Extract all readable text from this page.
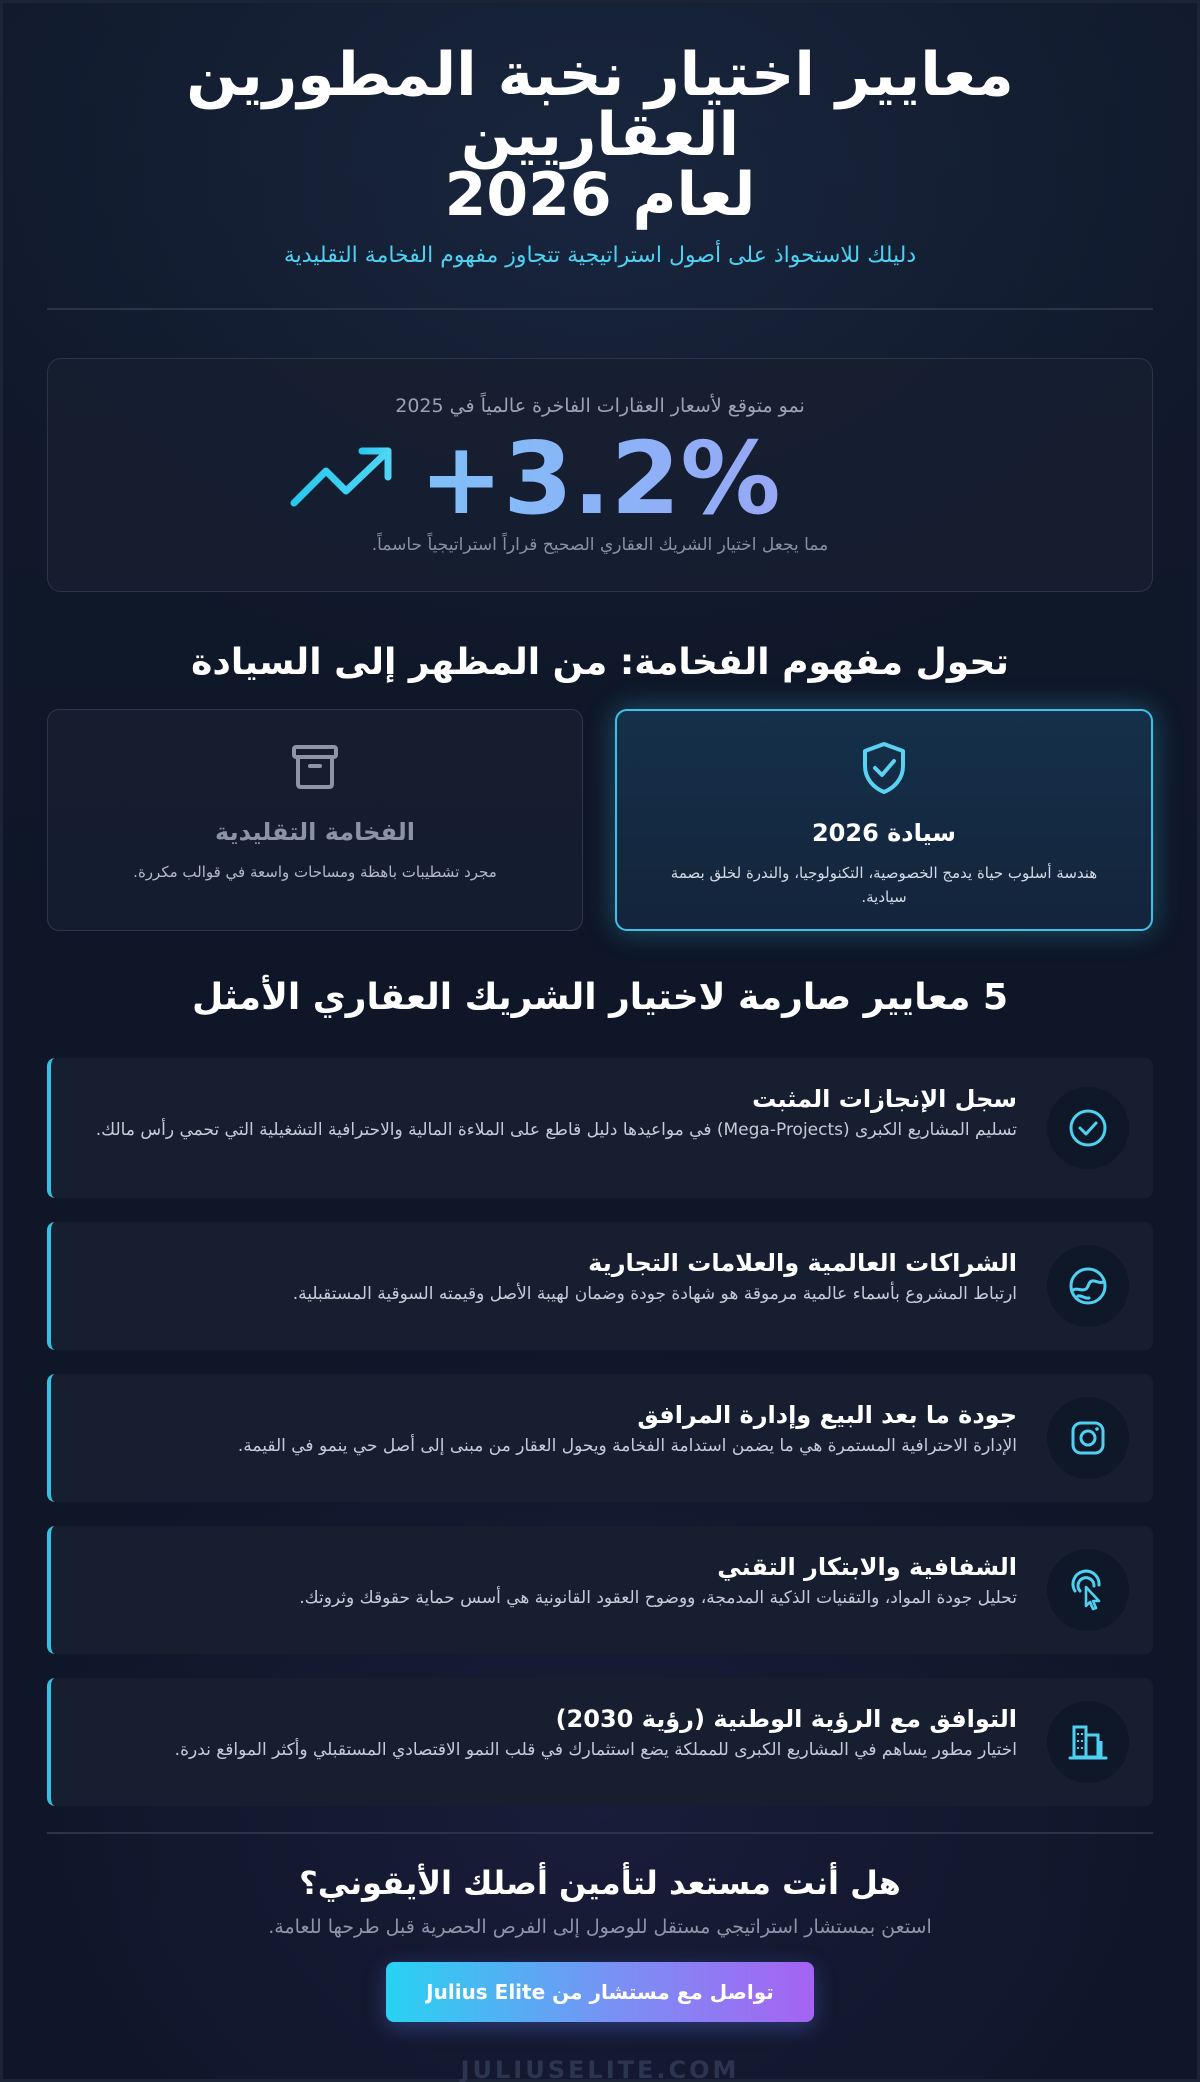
معايير اختيار نخبة المطورين العقاريين
لعام 2026
دليلك للاستحواذ على أصول استراتيجية تتجاوز مفهوم الفخامة التقليدية
نمو متوقع لأسعار العقارات الفاخرة عالمياً في 2025
+3.2%
مما يجعل اختيار الشريك العقاري الصحيح قراراً استراتيجياً حاسماً.
تحول مفهوم الفخامة: من المظهر إلى السيادة
سيادة 2026
هندسة أسلوب حياة يدمج الخصوصية، التكنولوجيا، والندرة لخلق بصمة سيادية.
الفخامة التقليدية
مجرد تشطيبات باهظة ومساحات واسعة في قوالب مكررة.
5 معايير صارمة لاختيار الشريك العقاري الأمثل
سجل الإنجازات المثبت
تسليم المشاريع الكبرى (Mega-Projects) في مواعيدها دليل قاطع على الملاءة المالية والاحترافية التشغيلية التي تحمي رأس مالك.
الشراكات العالمية والعلامات التجارية
ارتباط المشروع بأسماء عالمية مرموقة هو شهادة جودة وضمان لهيبة الأصل وقيمته السوقية المستقبلية.
جودة ما بعد البيع وإدارة المرافق
الإدارة الاحترافية المستمرة هي ما يضمن استدامة الفخامة ويحول العقار من مبنى إلى أصل حي ينمو في القيمة.
الشفافية والابتكار التقني
تحليل جودة المواد، والتقنيات الذكية المدمجة، ووضوح العقود القانونية هي أسس حماية حقوقك وثروتك.
التوافق مع الرؤية الوطنية (رؤية 2030)
اختيار مطور يساهم في المشاريع الكبرى للمملكة يضع استثمارك في قلب النمو الاقتصادي المستقبلي وأكثر المواقع ندرة.
هل أنت مستعد لتأمين أصلك الأيقوني؟
استعن بمستشار استراتيجي مستقل للوصول إلى الفرص الحصرية قبل طرحها للعامة.
تواصل مع مستشار من Julius Elite
JULIUSELITE.COM
